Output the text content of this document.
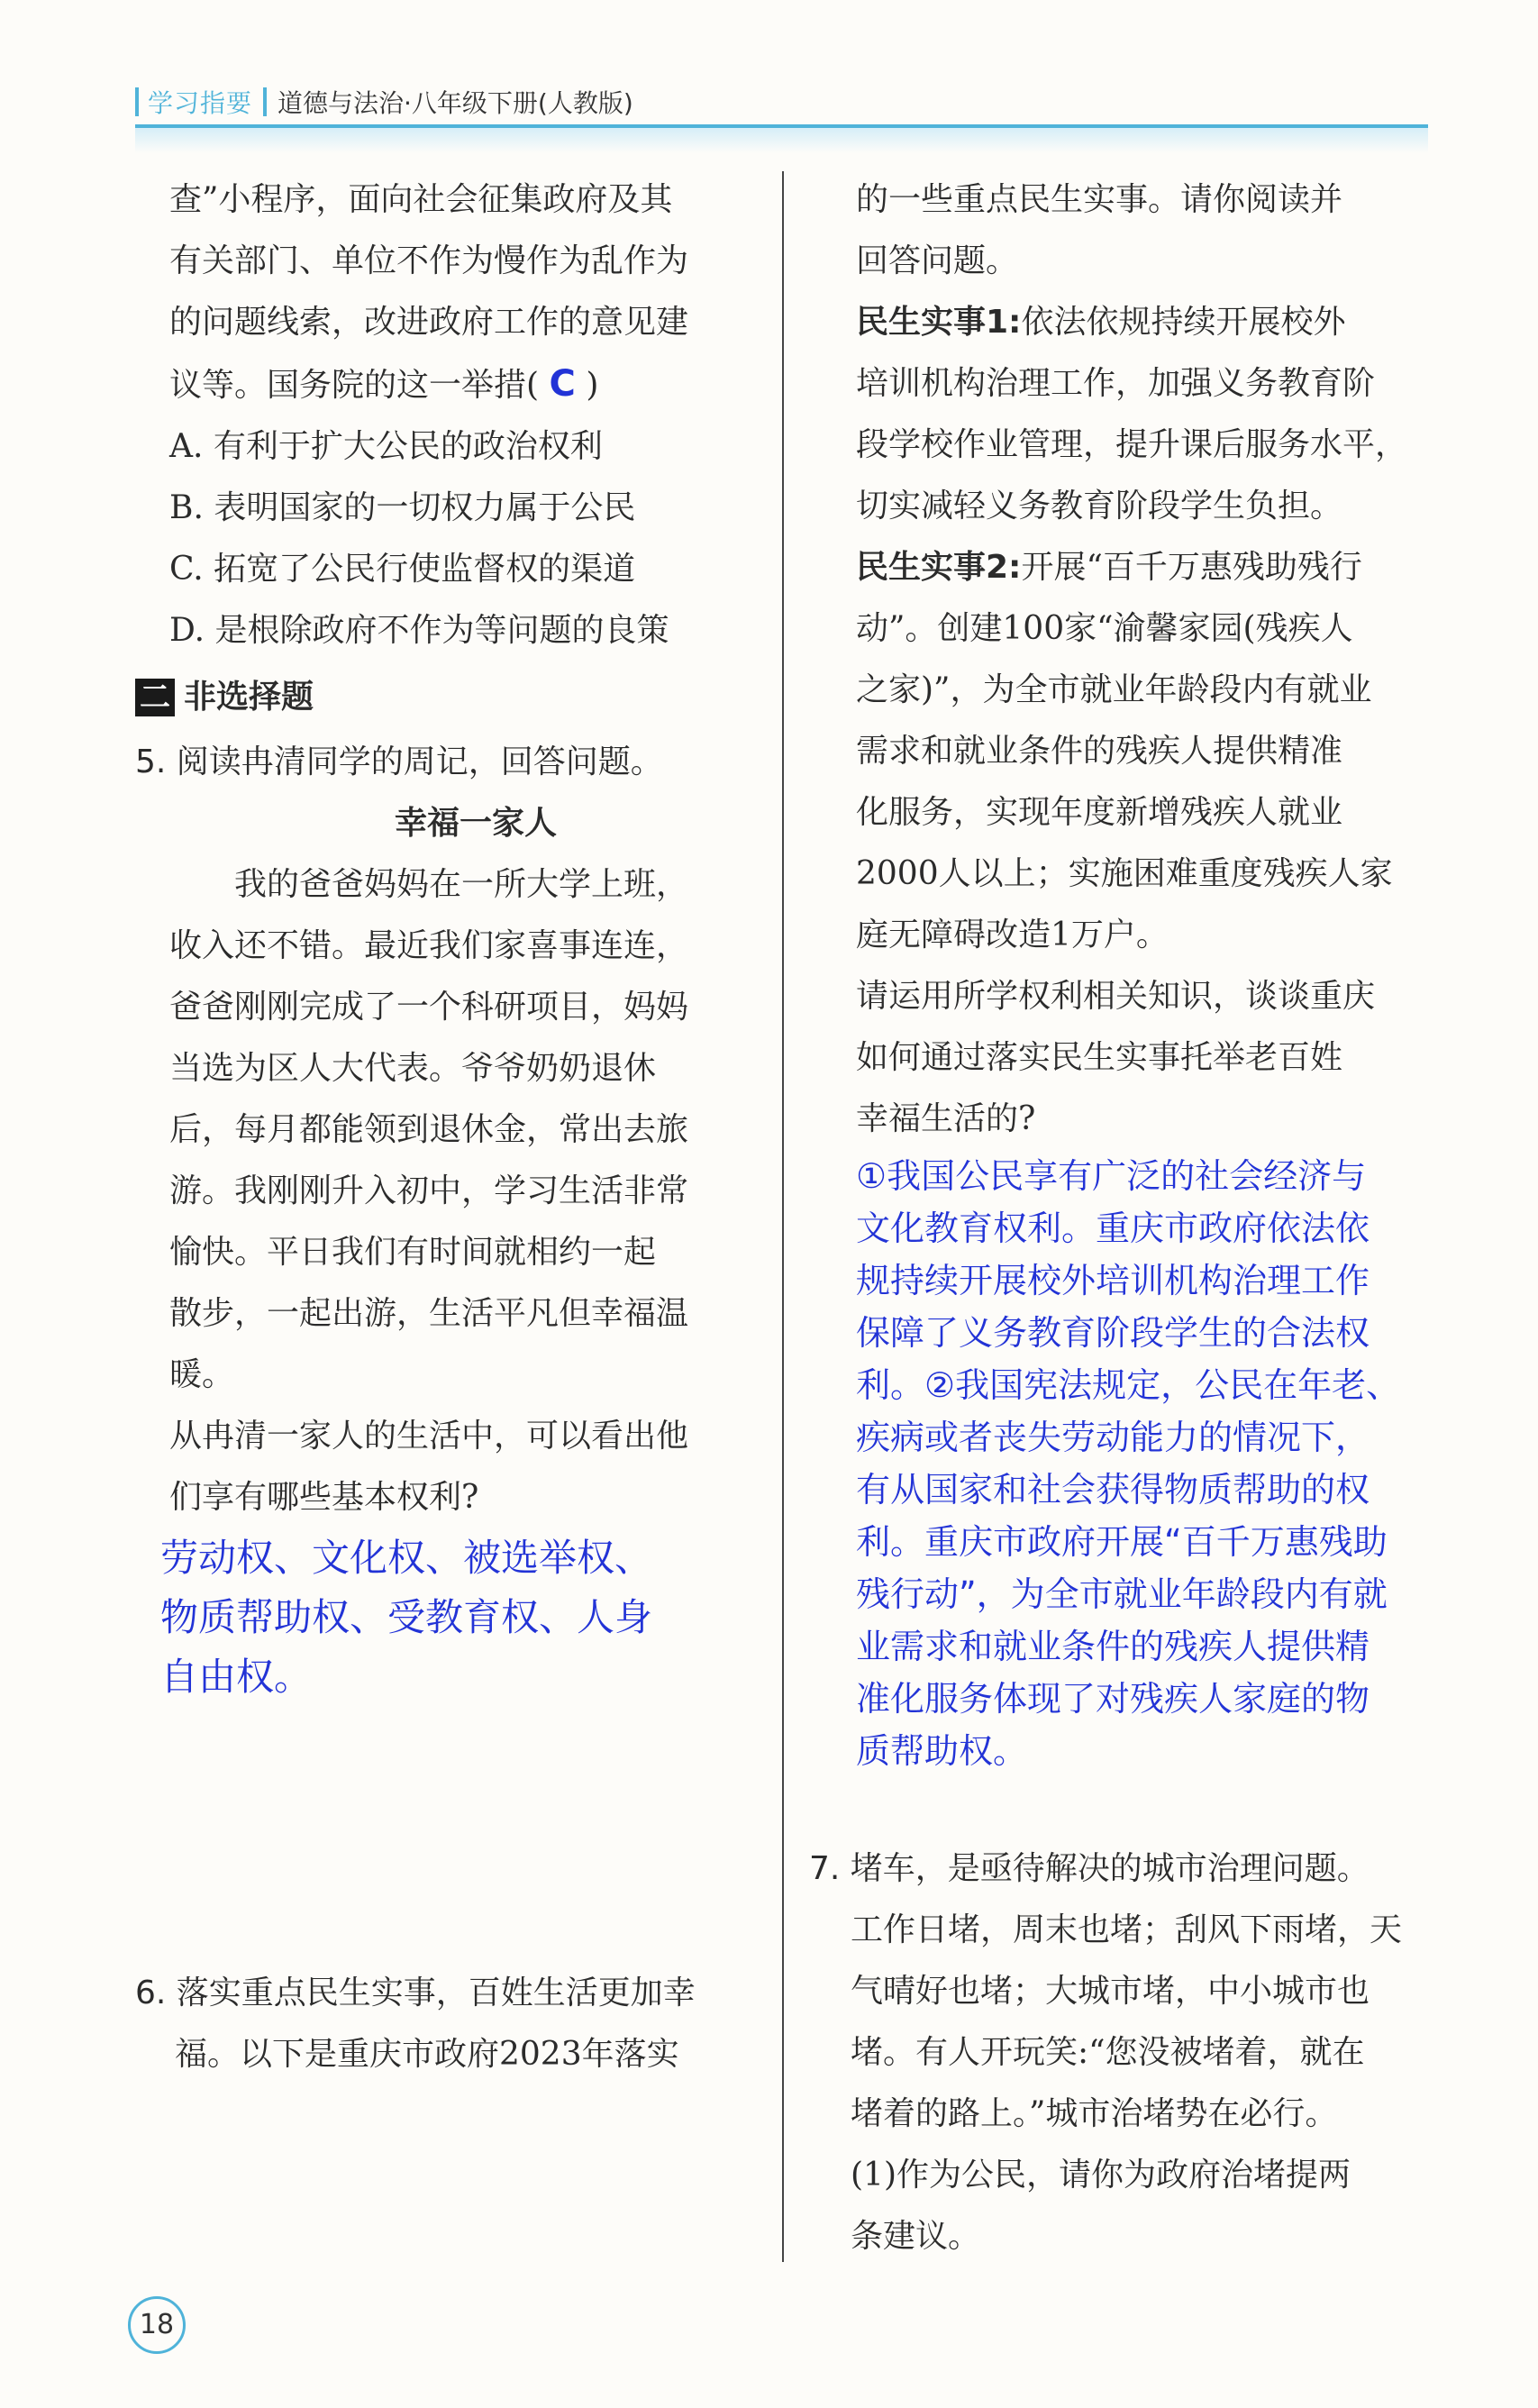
学习指要 道德与法治·八年级下册(人教版)

查”小程序，面向社会征集政府及其

有关部门、单位不作为慢作为乱作为

的问题线索，改进政府工作的意见建

议等。国务院的这一举措( C )

A. 有利于扩大公民的政治权利

B. 表明国家的一切权力属于公民

C. 拓宽了公民行使监督权的渠道

D. 是根除政府不作为等问题的良策

二 非选择题

5. 阅读冉清同学的周记，回答问题。

幸福一家人

我的爸爸妈妈在一所大学上班，

收入还不错。最近我们家喜事连连，

爸爸刚刚完成了一个科研项目，妈妈

当选为区人大代表。爷爷奶奶退休

后，每月都能领到退休金，常出去旅

游。我刚刚升入初中，学习生活非常

愉快。平日我们有时间就相约一起

散步，一起出游，生活平凡但幸福温

暖。

从冉清一家人的生活中，可以看出他

们享有哪些基本权利?

劳动权、文化权、被选举权、

物质帮助权、受教育权、人身

自由权。

6. 落实重点民生实事，百姓生活更加幸

福。以下是重庆市政府2023年落实

的一些重点民生实事。请你阅读并

回答问题。

民生实事1:依法依规持续开展校外

培训机构治理工作，加强义务教育阶

段学校作业管理，提升课后服务水平，

切实减轻义务教育阶段学生负担。

民生实事2:开展“百千万惠残助残行

动”。创建100家“渝馨家园(残疾人

之家)”，为全市就业年龄段内有就业

需求和就业条件的残疾人提供精准

化服务，实现年度新增残疾人就业

2000人以上；实施困难重度残疾人家

庭无障碍改造1万户。

请运用所学权利相关知识，谈谈重庆

如何通过落实民生实事托举老百姓

幸福生活的?

①我国公民享有广泛的社会经济与

文化教育权利。重庆市政府依法依

规持续开展校外培训机构治理工作

保障了义务教育阶段学生的合法权

利。②我国宪法规定，公民在年老、

疾病或者丧失劳动能力的情况下，

有从国家和社会获得物质帮助的权

利。重庆市政府开展“百千万惠残助

残行动”，为全市就业年龄段内有就

业需求和就业条件的残疾人提供精

准化服务体现了对残疾人家庭的物

质帮助权。

7. 堵车，是亟待解决的城市治理问题。

工作日堵，周末也堵；刮风下雨堵，天

气晴好也堵；大城市堵，中小城市也

堵。有人开玩笑:“您没被堵着，就在

堵着的路上。”城市治堵势在必行。

(1)作为公民，请你为政府治堵提两

条建议。

18
